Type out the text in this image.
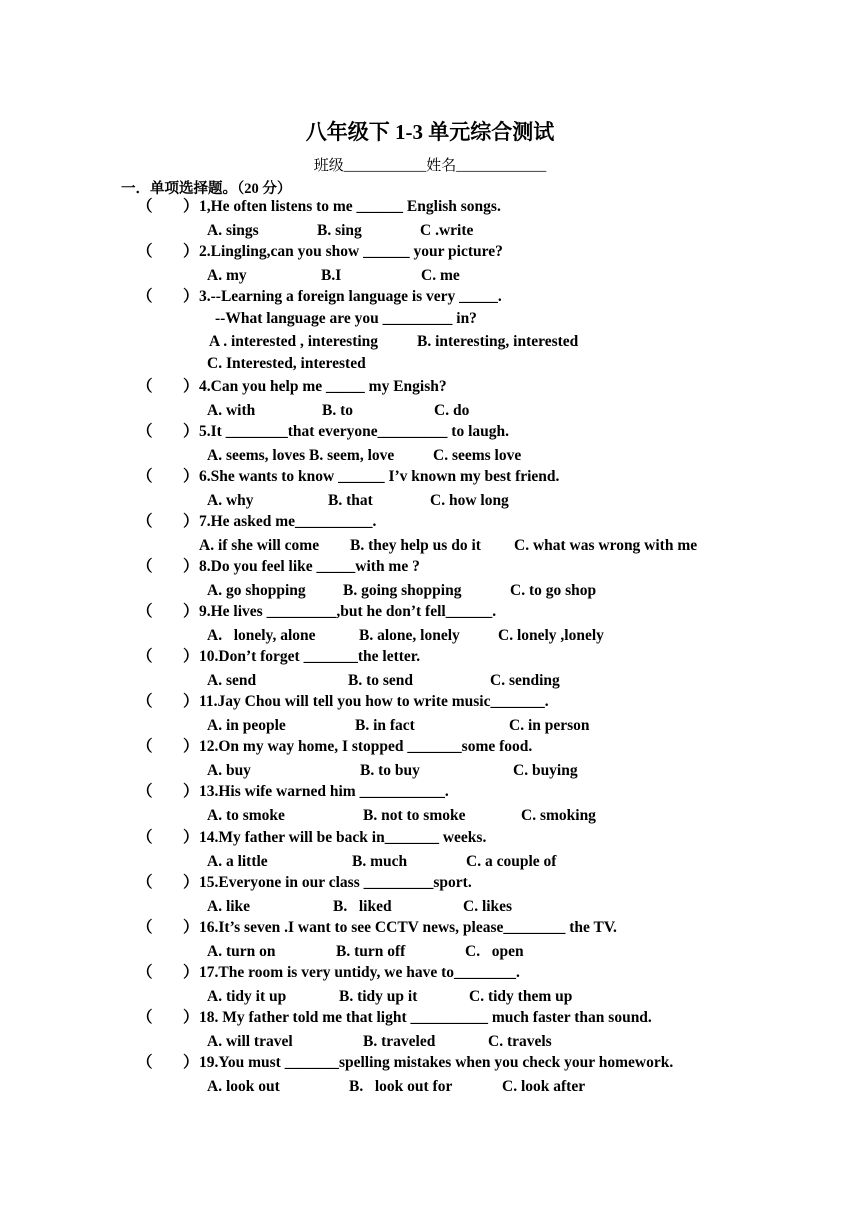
八年级下 1-3 单元综合测试
班级___________姓名____________
一．单项选择题。（20 分）
（ ） 1,He often listens to me ______ English songs.
A. sings	B. sing	C .write
（ ） 2.Lingling,can you show ______ your picture?
A. my	B.I	C. me
（ ） 3.--Learning a foreign language is very _____.
--What language are you _________ in?
A . interested , interesting	B. interesting, interested
C. Interested, interested
（ ） 4.Can you help me _____ my Engish?
A. with	B. to	C. do
（ ） 5.It ________that everyone_________ to laugh.
A. seems, loves B. seem, love	C. seems love
（ ） 6.She wants to know ______ I’v known my best friend.
A. why	B. that	C. how long
（ ） 7.He asked me__________.
A. if she will come B. they help us do it C. what was wrong with me
（ ） 8.Do you feel like _____with me ?
A. go shopping B. going shopping	C. to go shop
（ ） 9.He lives _________,but he don’t fell______.
A.   lonely, alone	B. alone, lonely C. lonely ,lonely
（ ） 10.Don’t forget _______the letter.
A. send	B. to send	C. sending
（ ） 11.Jay Chou will tell you how to write music_______.
A. in people	B. in fact	C. in person
（ ） 12.On my way home, I stopped _______some food.
A. buy	B. to buy	C. buying
（ ） 13.His wife warned him ___________.
A. to smoke	B. not to smoke	C. smoking
（ ） 14.My father will be back in_______ weeks.
A. a little	B. much	C. a couple of
（ ） 15.Everyone in our class _________sport.
A. like	B.   liked	C. likes
（ ） 16.It’s seven .I want to see CCTV news, please________ the TV.
A. turn on	B. turn off	C.   open
（ ） 17.The room is very untidy, we have to________.
A. tidy it up	B. tidy up it	C. tidy them up
（ ） 18. My father told me that light __________ much faster than sound.
A. will travel	B. traveled	C. travels
（ ） 19.You must _______spelling mistakes when you check your homework.
A. look out	B.   look out for	C. look after
